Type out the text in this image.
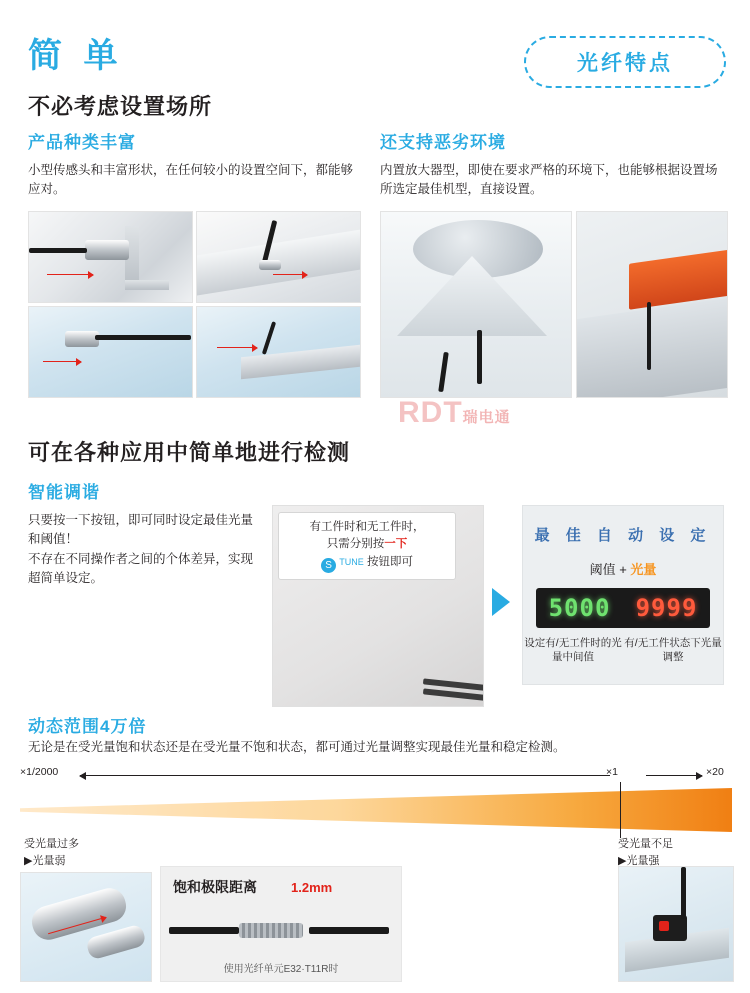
简 单	光纤特点
不必考虑设置场所
产品种类丰富
小型传感头和丰富形状，在任何较小的设置空间下，都能够应对。
还支持恶劣环境
内置放大器型，即使在要求严格的环境下，也能够根据设置场所选定最佳机型，直接设置。
RDT瑞电通
可在各种应用中简单地进行检测
智能调谐
只要按一下按钮，即可同时设定最佳光量和阈值！
不存在不同操作者之间的个体差异，实现超简单设定。
有工件时和无工件时，
只需分别按一下
S TUNE 按钮即可
最 佳 自 动 设 定
阈值 + 光量
5000 9999
设定有/无工件时的光量中间值
有/无工件状态下光量调整
动态范围4万倍
无论是在受光量饱和状态还是在受光量不饱和状态，都可通过光量调整实现最佳光量和稳定检测。
×1/2000	×1	×20
受光量过多
▶光量弱
受光量不足
▶光量强
饱和极限距离	1.2mm
使用光纤单元E32·T11R时
